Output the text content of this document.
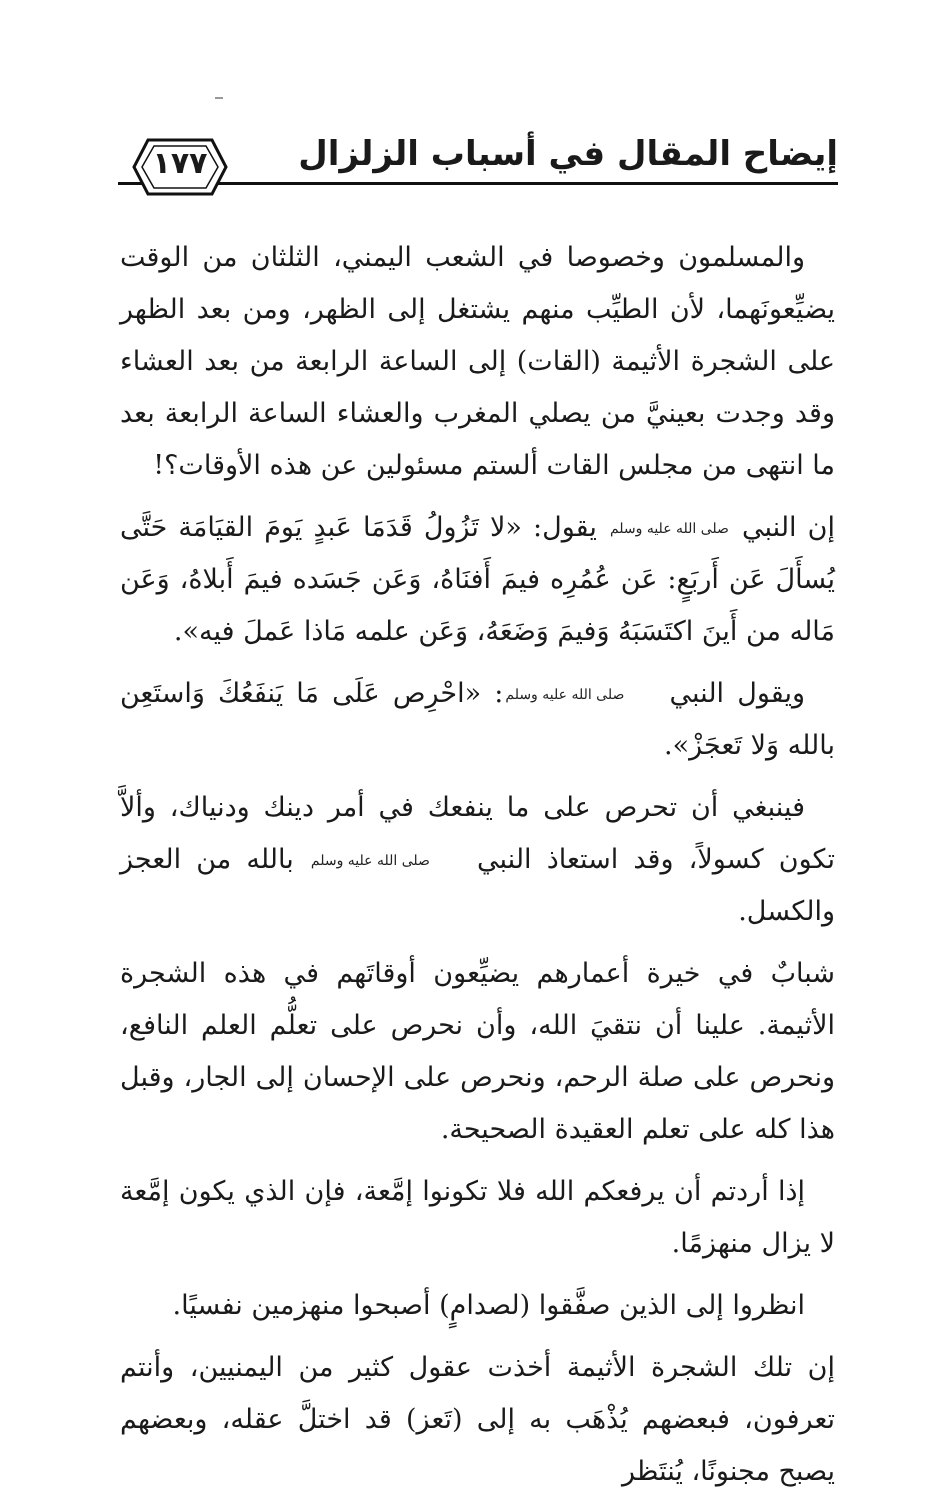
إيضاح المقال في أسباب الزلزال
١٧٧

والمسلمون وخصوصا في الشعب اليمني، الثلثان من الوقت يضيِّعونَهما، لأن الطيِّب منهم يشتغل إلى الظهر، ومن بعد الظهر على الشجرة الأثيمة (القات) إلى الساعة الرابعة من بعد العشاء وقد وجدت بعينيَّ من يصلي المغرب والعشاء الساعة الرابعة بعد ما انتهى من مجلس القات ألستم مسئولين عن هذه الأوقات؟!

إن النبي صلى الله عليه وسلم يقول: «لا تَزُولُ قَدَمَا عَبدٍ يَومَ القيَامَة حَتَّى يُسأَلَ عَن أَربَعٍ: عَن عُمُرِه فيمَ أَفنَاهُ، وَعَن جَسَده فيمَ أَبلاهُ، وَعَن مَاله من أَينَ اكتَسَبَهُ وَفيمَ وَضَعَهُ، وَعَن علمه مَاذا عَملَ فيه».

ويقول النبي صلى الله عليه وسلم: «احْرِص عَلَى مَا يَنفَعُكَ وَاستَعِن بالله وَلا تَعجَزْ».

فينبغي أن تحرص على ما ينفعك في أمر دينك ودنياك، وألاَّ تكون كسولاً، وقد استعاذ النبي صلى الله عليه وسلم بالله من العجز والكسل.

شبابٌ في خيرة أعمارهم يضيِّعون أوقاتَهم في هذه الشجرة الأثيمة. علينا أن نتقيَ الله، وأن نحرص على تعلُّم العلم النافع، ونحرص على صلة الرحم، ونحرص على الإحسان إلى الجار، وقبل هذا كله على تعلم العقيدة الصحيحة.

إذا أردتم أن يرفعكم الله فلا تكونوا إمَّعة، فإن الذي يكون إمَّعة لا يزال منهزمًا.

انظروا إلى الذين صفَّقوا (لصدامٍ) أصبحوا منهزمين نفسيًا.

إن تلك الشجرة الأثيمة أخذت عقول كثير من اليمنيين، وأنتم تعرفون، فبعضهم يُذْهَب به إلى (تَعز) قد اختلَّ عقله، وبعضهم يصبح مجنونًا، يُنتَظر
